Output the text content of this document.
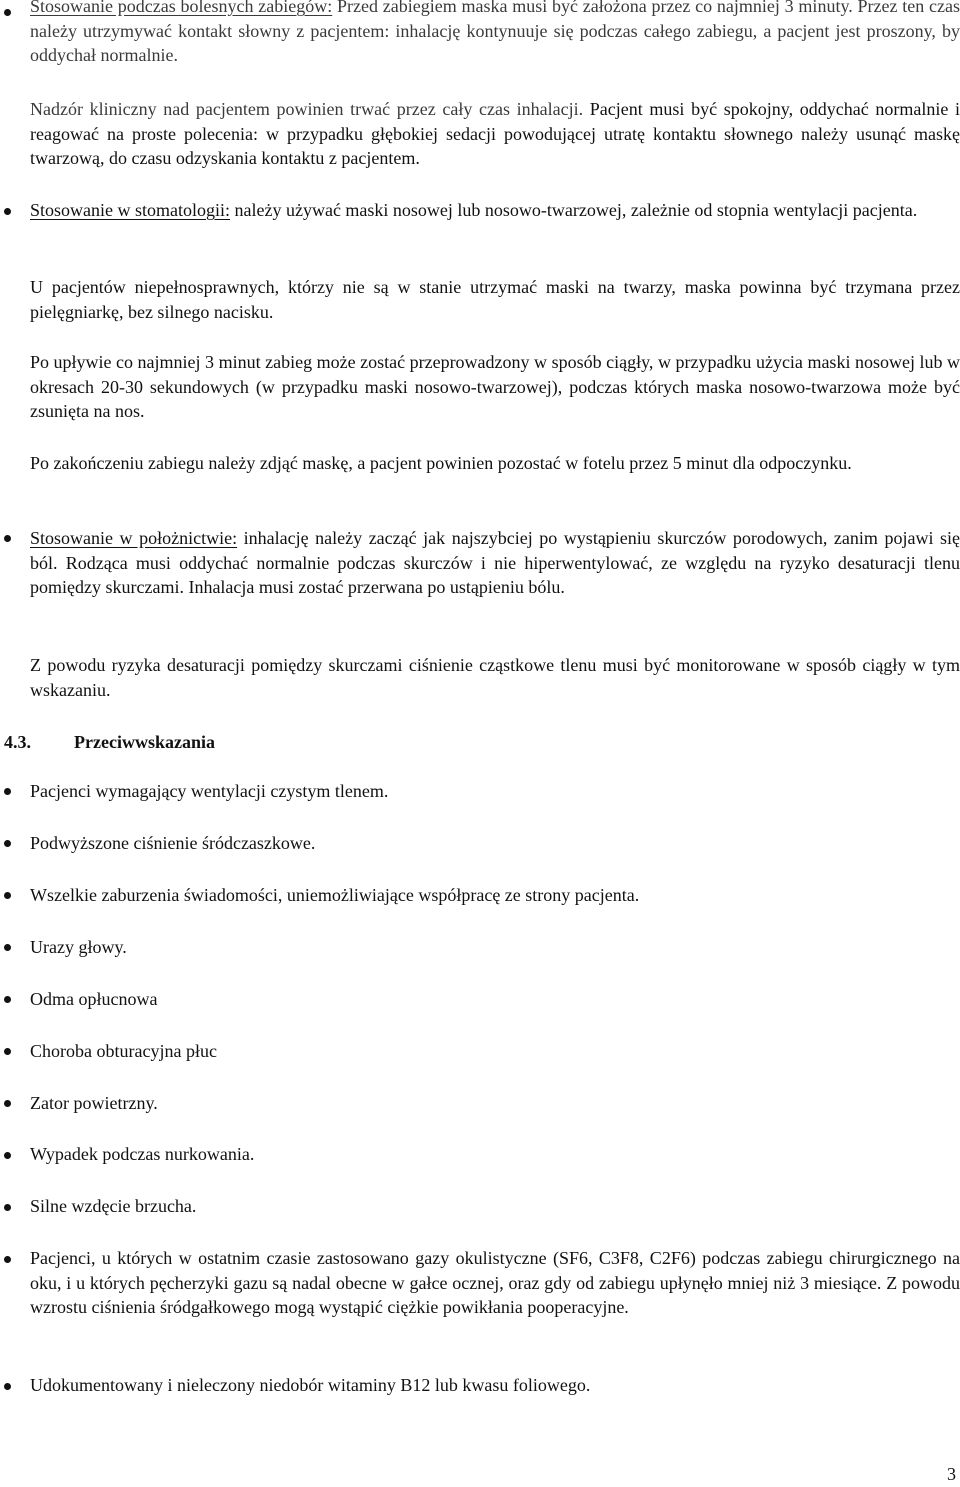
Stosowanie podczas bolesnych zabiegów: Przed zabiegiem maska musi być założona przez co najmniej 3 minuty. Przez ten czas należy utrzymywać kontakt słowny z pacjentem: inhalację kontynuuje się podczas całego zabiegu, a pacjent jest proszony, by oddychał normalnie.
Nadzór kliniczny nad pacjentem powinien trwać przez cały czas inhalacji. Pacjent musi być spokojny, oddychać normalnie i reagować na proste polecenia: w przypadku głębokiej sedacji powodującej utratę kontaktu słownego należy usunąć maskę twarzową, do czasu odzyskania kontaktu z pacjentem.
Stosowanie w stomatologii: należy używać maski nosowej lub nosowo-twarzowej, zależnie od stopnia wentylacji pacjenta.
U pacjentów niepełnosprawnych, którzy nie są w stanie utrzymać maski na twarzy, maska powinna być trzymana przez pielęgniarkę, bez silnego nacisku.
Po upływie co najmniej 3 minut zabieg może zostać przeprowadzony w sposób ciągły, w przypadku użycia maski nosowej lub w okresach 20-30 sekundowych (w przypadku maski nosowo-twarzowej), podczas których maska nosowo-twarzowa może być zsunięta na nos.
Po zakończeniu zabiegu należy zdjąć maskę, a pacjent powinien pozostać w fotelu przez 5 minut dla odpoczynku.
Stosowanie w położnictwie: inhalację należy zacząć jak najszybciej po wystąpieniu skurczów porodowych, zanim pojawi się ból. Rodząca musi oddychać normalnie podczas skurczów i nie hiperwentylować, ze względu na ryzyko desaturacji tlenu pomiędzy skurczami. Inhalacja musi zostać przerwana po ustąpieniu bólu.
Z powodu ryzyka desaturacji pomiędzy skurczami ciśnienie cząstkowe tlenu musi być monitorowane w sposób ciągły w tym wskazaniu.
4.3. Przeciwwskazania
Pacjenci wymagający wentylacji czystym tlenem.
Podwyższone ciśnienie śródczaszkowe.
Wszelkie zaburzenia świadomości, uniemożliwiające współpracę ze strony pacjenta.
Urazy głowy.
Odma opłucnowa
Choroba obturacyjna płuc
Zator powietrzny.
Wypadek podczas nurkowania.
Silne wzdęcie brzucha.
Pacjenci, u których w ostatnim czasie zastosowano gazy okulistyczne (SF6, C3F8, C2F6) podczas zabiegu chirurgicznego na oku, i u których pęcherzyki gazu są nadal obecne w gałce ocznej, oraz gdy od zabiegu upłynęło mniej niż 3 miesiące. Z powodu wzrostu ciśnienia śródgałkowego mogą wystąpić ciężkie powikłania pooperacyjne.
Udokumentowany i nieleczony niedobór witaminy B12 lub kwasu foliowego.
3
